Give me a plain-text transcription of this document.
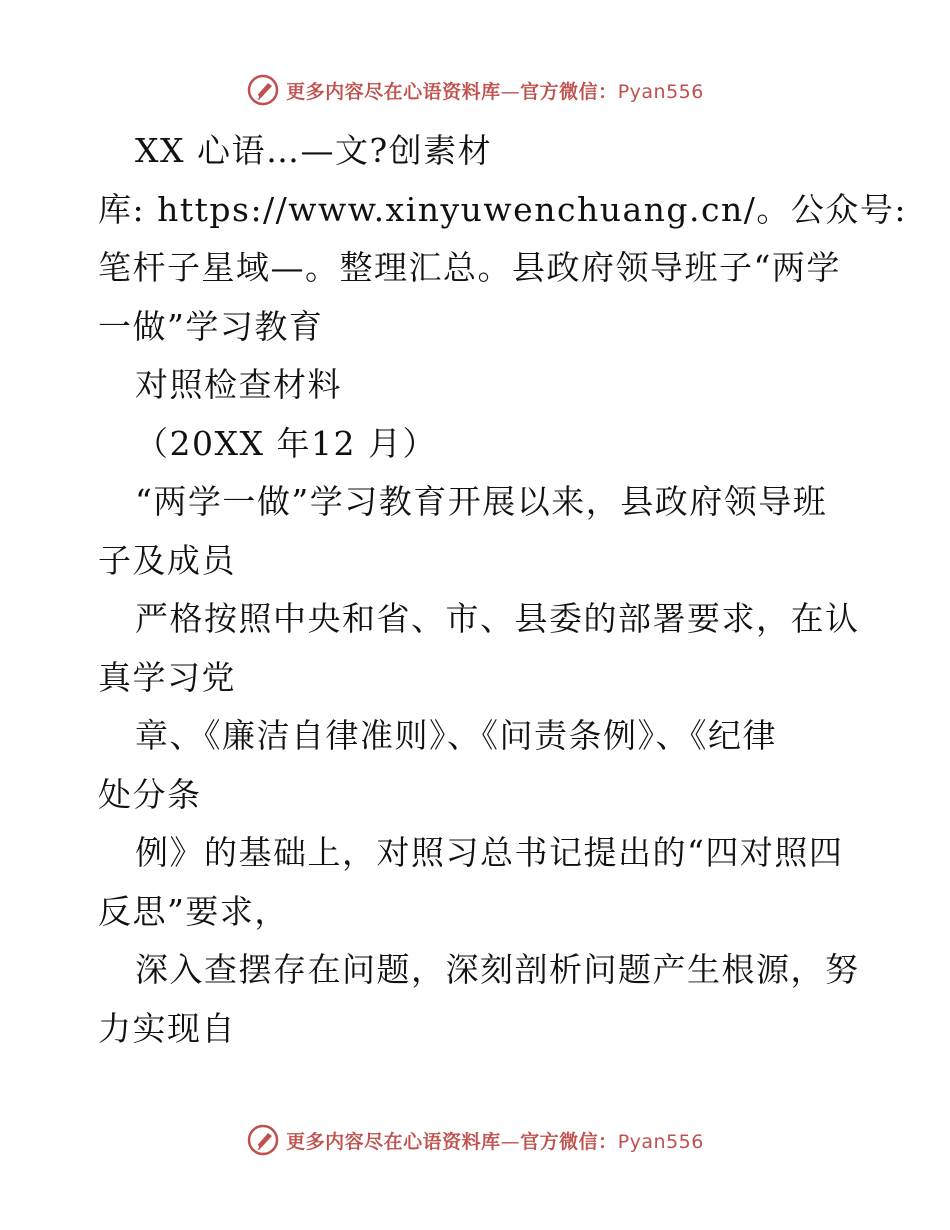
更多内容尽在心语资料库—官方微信：Pyan556
XX 心语…—文?创素材
库: https://www.xinyuwenchuang.cn/。公众号:
笔杆子星域—。整理汇总。县政府领导班子“两学
一做”学习教育
对照检查材料
（20XX 年12 月）
“两学一做”学习教育开展以来，县政府领导班
子及成员
严格按照中央和省、市、县委的部署要求，在认
真学习党
章、《廉洁自律准则》、《问责条例》、《纪律
处分条
例》的基础上，对照习总书记提出的“四对照四
反思”要求，
深入查摆存在问题，深刻剖析问题产生根源，努
力实现自
更多内容尽在心语资料库—官方微信：Pyan556
